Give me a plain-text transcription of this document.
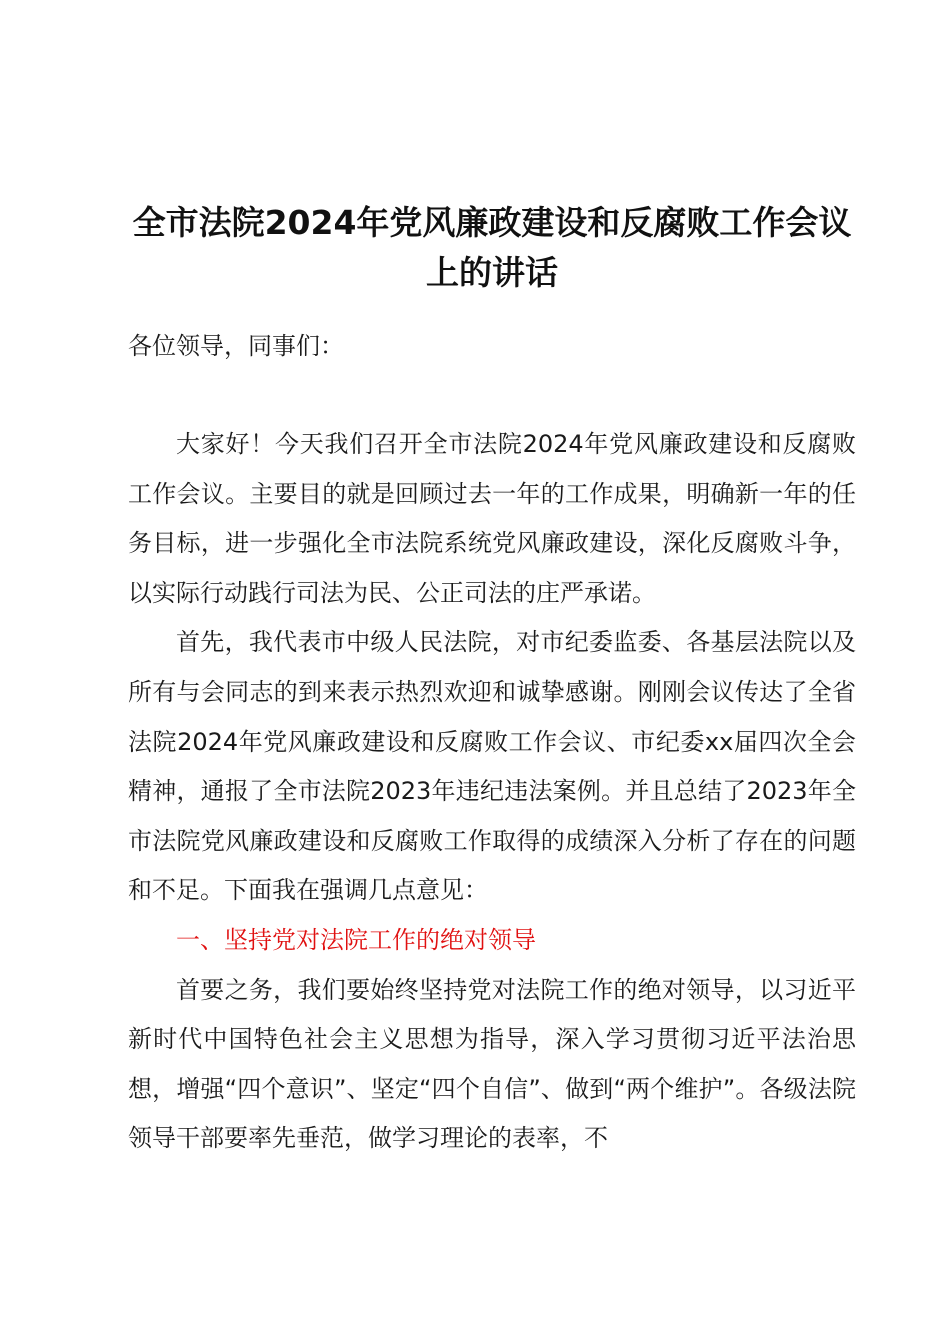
全市法院2024年党风廉政建设和反腐败工作会议上的讲话

各位领导，同事们：

大家好！今天我们召开全市法院2024年党风廉政建设和反腐败工作会议。主要目的就是回顾过去一年的工作成果，明确新一年的任务目标，进一步强化全市法院系统党风廉政建设，深化反腐败斗争，以实际行动践行司法为民、公正司法的庄严承诺。

首先，我代表市中级人民法院，对市纪委监委、各基层法院以及所有与会同志的到来表示热烈欢迎和诚挚感谢。刚刚会议传达了全省法院2024年党风廉政建设和反腐败工作会议、市纪委xx届四次全会精神，通报了全市法院2023年违纪违法案例。并且总结了2023年全市法院党风廉政建设和反腐败工作取得的成绩深入分析了存在的问题和不足。下面我在强调几点意见：

一、坚持党对法院工作的绝对领导

首要之务，我们要始终坚持党对法院工作的绝对领导，以习近平新时代中国特色社会主义思想为指导，深入学习贯彻习近平法治思想，增强“四个意识”、坚定“四个自信”、做到“两个维护”。各级法院领导干部要率先垂范，做学习理论的表率，不
